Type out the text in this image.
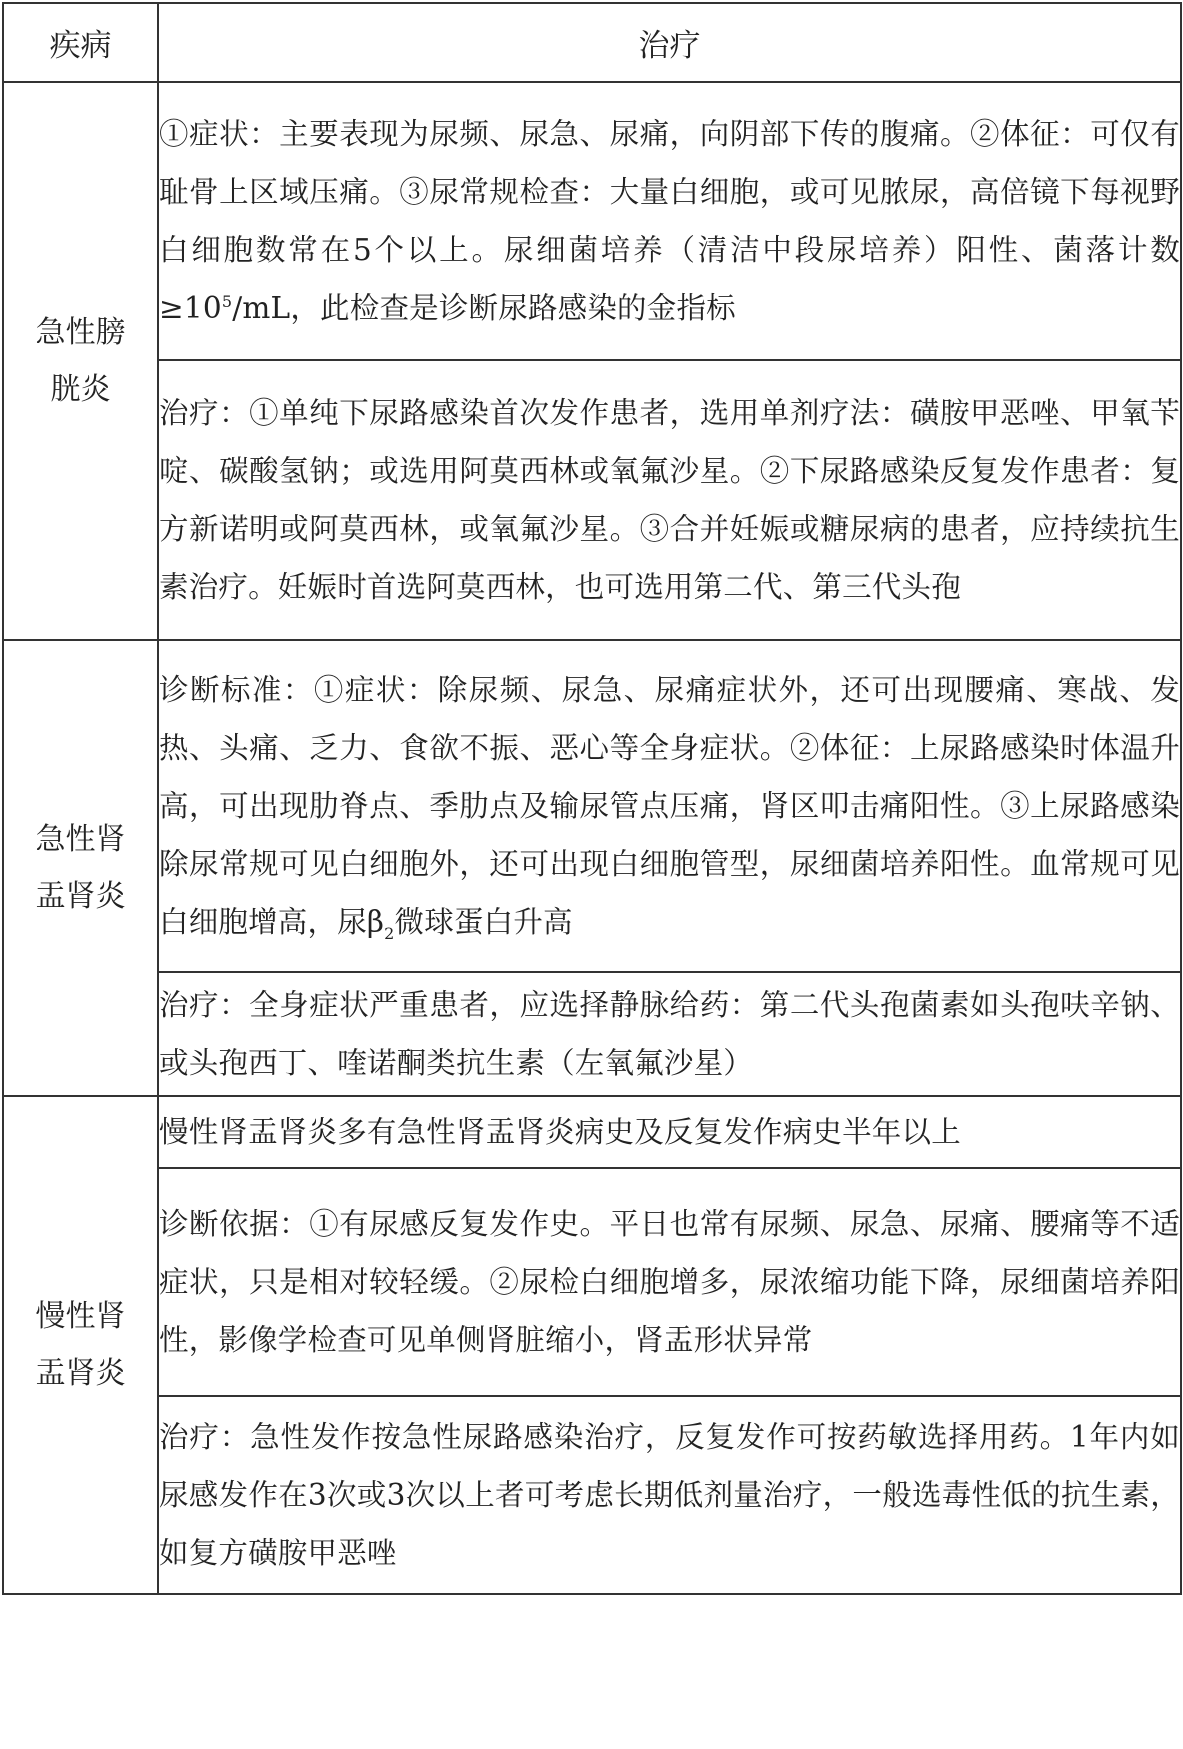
疾病	治疗

急性膀
胱炎	①症状：主要表现为尿频、尿急、尿痛，向阴部下传的腹痛。②体征：可仅有耻骨上区域压痛。③尿常规检查：大量白细胞，或可见脓尿，高倍镜下每视野白细胞数常在5个以上。尿细菌培养（清洁中段尿培养）阳性、菌落计数$\ge 10^5/mL$，此检查是诊断尿路感染的金指标
	治疗：①单纯下尿路感染首次发作患者，选用单剂疗法：磺胺甲恶唑、甲氧苄啶、碳酸氢钠；或选用阿莫西林或氧氟沙星。②下尿路感染反复发作患者：复方新诺明或阿莫西林，或氧氟沙星。③合并妊娠或糖尿病的患者，应持续抗生素治疗。妊娠时首选阿莫西林，也可选用第二代、第三代头孢

急性肾
盂肾炎	诊断标准：①症状：除尿频、尿急、尿痛症状外，还可出现腰痛、寒战、发热、头痛、乏力、食欲不振、恶心等全身症状。②体征：上尿路感染时体温升高，可出现肋脊点、季肋点及输尿管点压痛，肾区叩击痛阳性。③上尿路感染除尿常规可见白细胞外，还可出现白细胞管型，尿细菌培养阳性。血常规可见白细胞增高，尿$\beta_2$微球蛋白升高
	治疗：全身症状严重患者，应选择静脉给药：第二代头孢菌素如头孢呋辛钠、或头孢西丁、喹诺酮类抗生素（左氧氟沙星）

慢性肾
盂肾炎	慢性肾盂肾炎多有急性肾盂肾炎病史及反复发作病史半年以上
	诊断依据：①有尿感反复发作史。平日也常有尿频、尿急、尿痛、腰痛等不适症状，只是相对较轻缓。②尿检白细胞增多，尿浓缩功能下降，尿细菌培养阳性，影像学检查可见单侧肾脏缩小，肾盂形状异常
	治疗：急性发作按急性尿路感染治疗，反复发作可按药敏选择用药。1年内如尿感发作在3次或3次以上者可考虑长期低剂量治疗，一般选毒性低的抗生素，如复方磺胺甲恶唑
